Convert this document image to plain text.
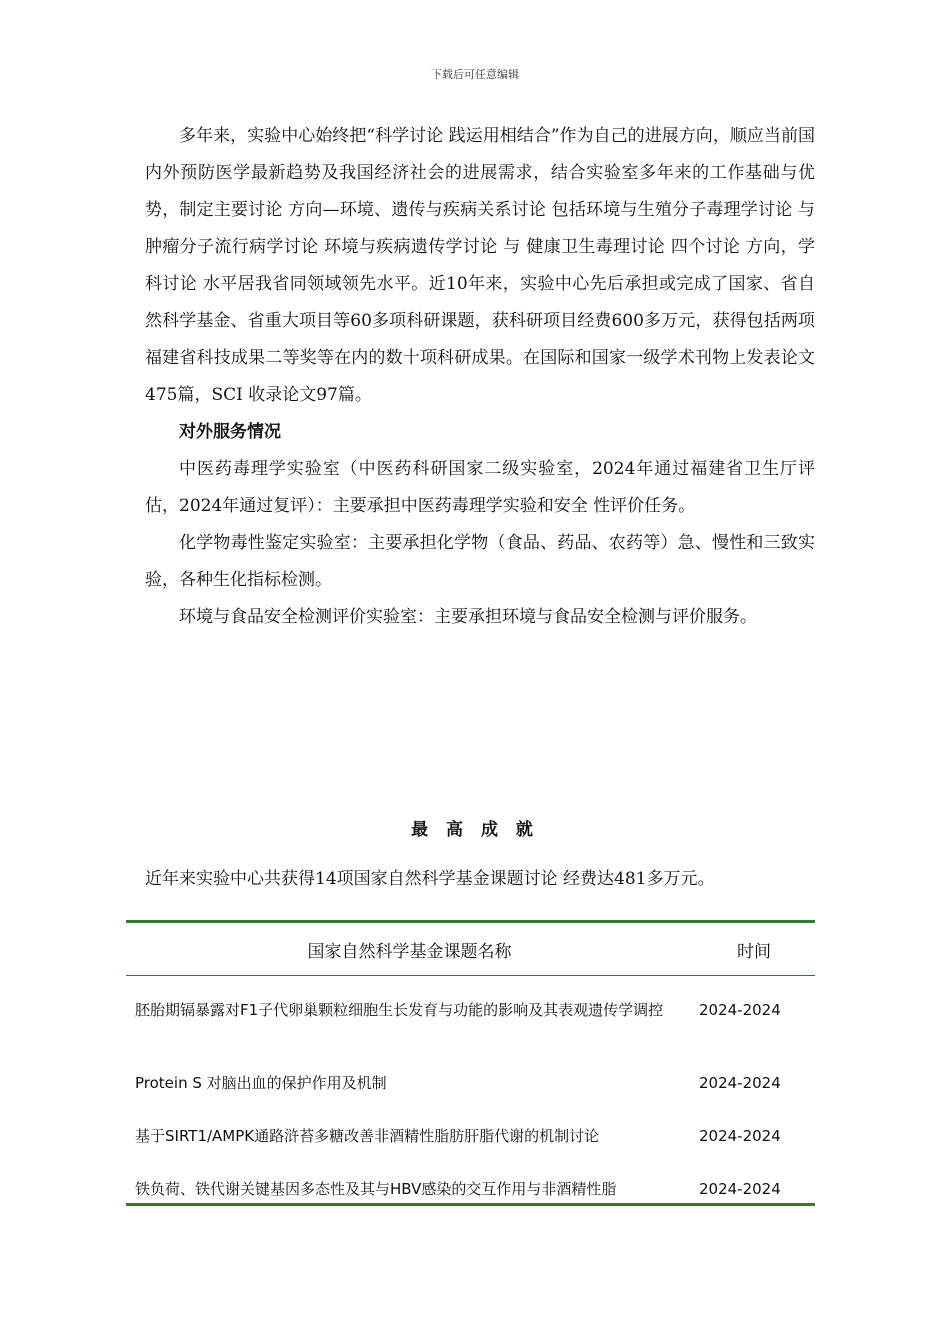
下载后可任意编辑

多年来，实验中心始终把“科学讨论 践运用相结合”作为自己的进展方向，顺应当前国内外预防医学最新趋势及我国经济社会的进展需求，结合实验室多年来的工作基础与优势，制定主要讨论 方向—环境、遗传与疾病关系讨论 包括环境与生殖分子毒理学讨论 与肿瘤分子流行病学讨论 环境与疾病遗传学讨论 与 健康卫生毒理讨论 四个讨论 方向，学科讨论 水平居我省同领域领先水平。近10年来，实验中心先后承担或完成了国家、省自然科学基金、省重大项目等60多项科研课题，获科研项目经费600多万元，获得包括两项福建省科技成果二等奖等在内的数十项科研成果。在国际和国家一级学术刊物上发表论文475篇，SCI 收录论文97篇。

对外服务情况

中医药毒理学实验室（中医药科研国家二级实验室，2024年通过福建省卫生厅评估，2024年通过复评）：主要承担中医药毒理学实验和安全 性评价任务。

化学物毒性鉴定实验室：主要承担化学物（食品、药品、农药等）急、慢性和三致实验，各种生化指标检测。

环境与食品安全检测评价实验室：主要承担环境与食品安全检测与评价服务。

最 高 成 就
近年来实验中心共获得14项国家自然科学基金课题讨论 经费达481多万元。
国家自然科学基金课题名称	时间
胚胎期镉暴露对F1子代卵巢颗粒细胞生长发育与功能的影响及其表观遗传学调控	2024-2024
Protein S 对脑出血的保护作用及机制	2024-2024
基于SIRT1/AMPK通路浒苔多糖改善非酒精性脂肪肝脂代谢的机制讨论	2024-2024
铁负荷、铁代谢关键基因多态性及其与HBV感染的交互作用与非酒精性脂	2024-2024
